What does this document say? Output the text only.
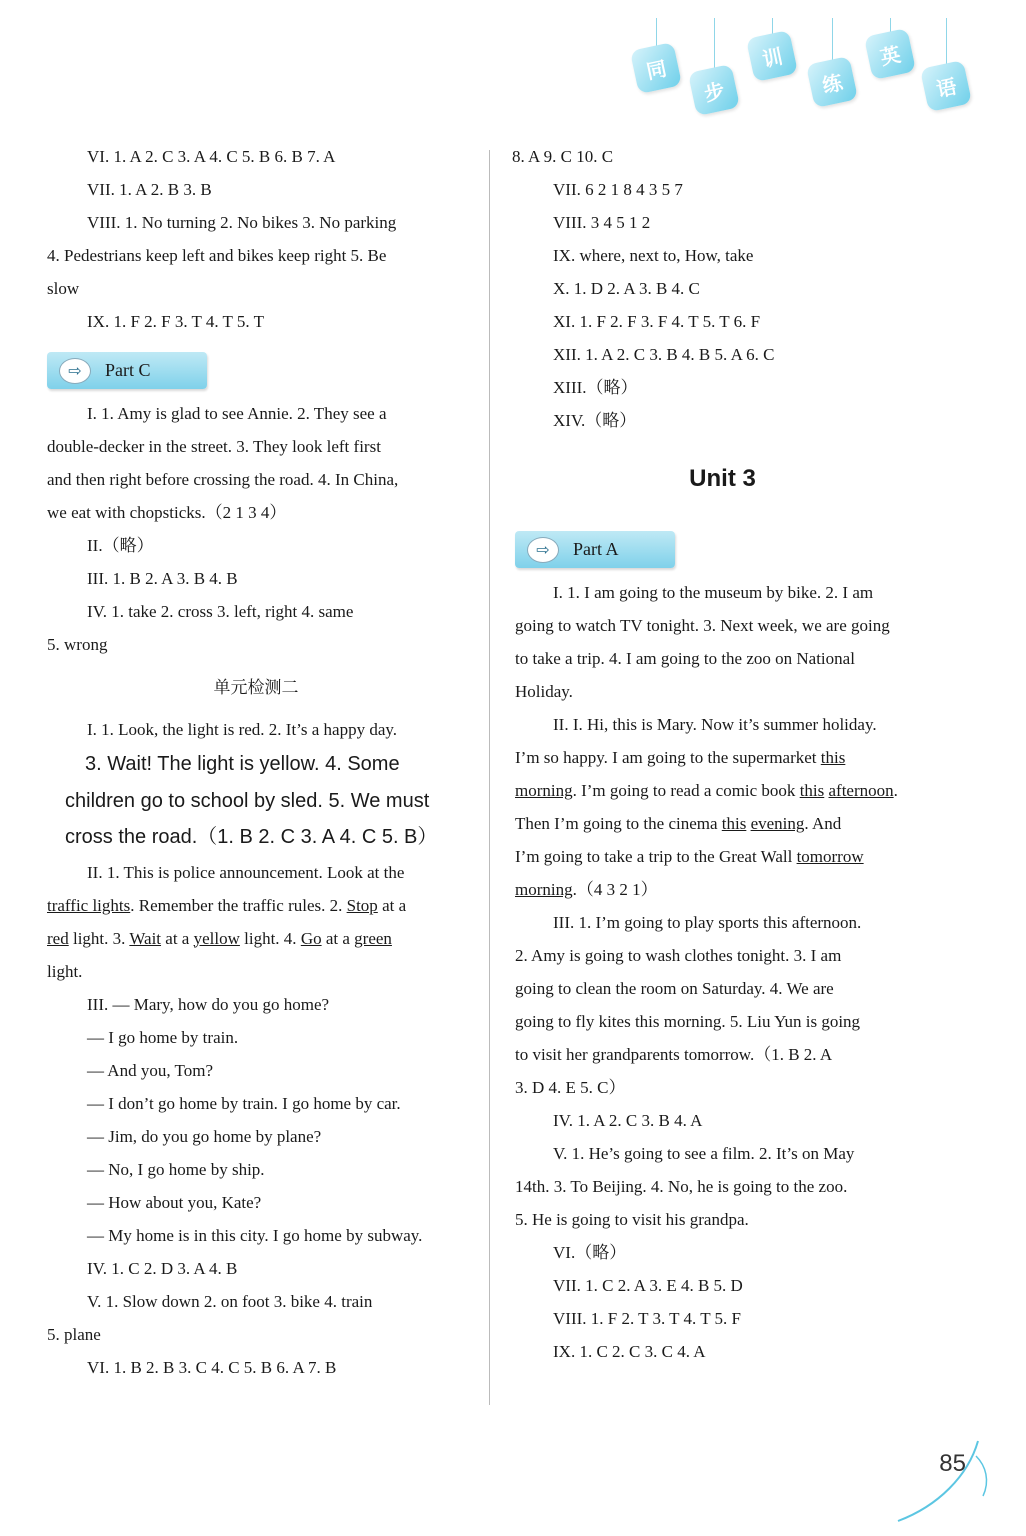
同
步
训
练
英
语
VI. 1. A 2. C 3. A 4. C 5. B 6. B 7. A
VII. 1. A 2. B 3. B
VIII. 1. No turning 2. No bikes 3. No parking
4. Pedestrians keep left and bikes keep right 5. Be
slow
IX. 1. F 2. F 3. T 4. T 5. T
⇨	Part C
I. 1. Amy is glad to see Annie. 2. They see a
double-decker in the street. 3. They look left first
and then right before crossing the road. 4. In China,
we eat with chopsticks.（2 1 3 4）
II.（略）
III. 1. B 2. A 3. B 4. B
IV. 1. take 2. cross 3. left, right 4. same
5. wrong
单元检测二
I. 1. Look, the light is red. 2. It’s a happy day.
3. Wait! The light is yellow. 4. Some
children go to school by sled. 5. We must
cross the road.（1. B 2. C 3. A 4. C 5. B）
II. 1. This is police announcement. Look at the
traffic lights. Remember the traffic rules. 2. Stop at a
red light. 3. Wait at a yellow light. 4. Go at a green
light.
III. — Mary, how do you go home?
— I go home by train.
— And you, Tom?
— I don’t go home by train. I go home by car.
— Jim, do you go home by plane?
— No, I go home by ship.
— How about you, Kate?
— My home is in this city. I go home by subway.
IV. 1. C 2. D 3. A 4. B
V. 1. Slow down 2. on foot 3. bike 4. train
5. plane
VI. 1. B 2. B 3. C 4. C 5. B 6. A 7. B
8. A 9. C 10. C
VII. 6 2 1 8 4 3 5 7
VIII. 3 4 5 1 2
IX. where, next to, How, take
X. 1. D 2. A 3. B 4. C
XI. 1. F 2. F 3. F 4. T 5. T 6. F
XII. 1. A 2. C 3. B 4. B 5. A 6. C
XIII.（略）
XIV.（略）
Unit 3
⇨	Part A
I. 1. I am going to the museum by bike. 2. I am
going to watch TV tonight. 3. Next week, we are going
to take a trip. 4. I am going to the zoo on National
Holiday.
II. I. Hi, this is Mary. Now it’s summer holiday.
I’m so happy. I am going to the supermarket this
morning. I’m going to read a comic book this afternoon.
Then I’m going to the cinema this evening. And
I’m going to take a trip to the Great Wall tomorrow
morning.（4 3 2 1）
III. 1. I’m going to play sports this afternoon.
2. Amy is going to wash clothes tonight. 3. I am
going to clean the room on Saturday. 4. We are
going to fly kites this morning. 5. Liu Yun is going
to visit her grandparents tomorrow.（1. B 2. A
3. D 4. E 5. C）
IV. 1. A 2. C 3. B 4. A
V. 1. He’s going to see a film. 2. It’s on May
14th. 3. To Beijing. 4. No, he is going to the zoo.
5. He is going to visit his grandpa.
VI.（略）
VII. 1. C 2. A 3. E 4. B 5. D
VIII. 1. F 2. T 3. T 4. T 5. F
IX. 1. C 2. C 3. C 4. A
85
